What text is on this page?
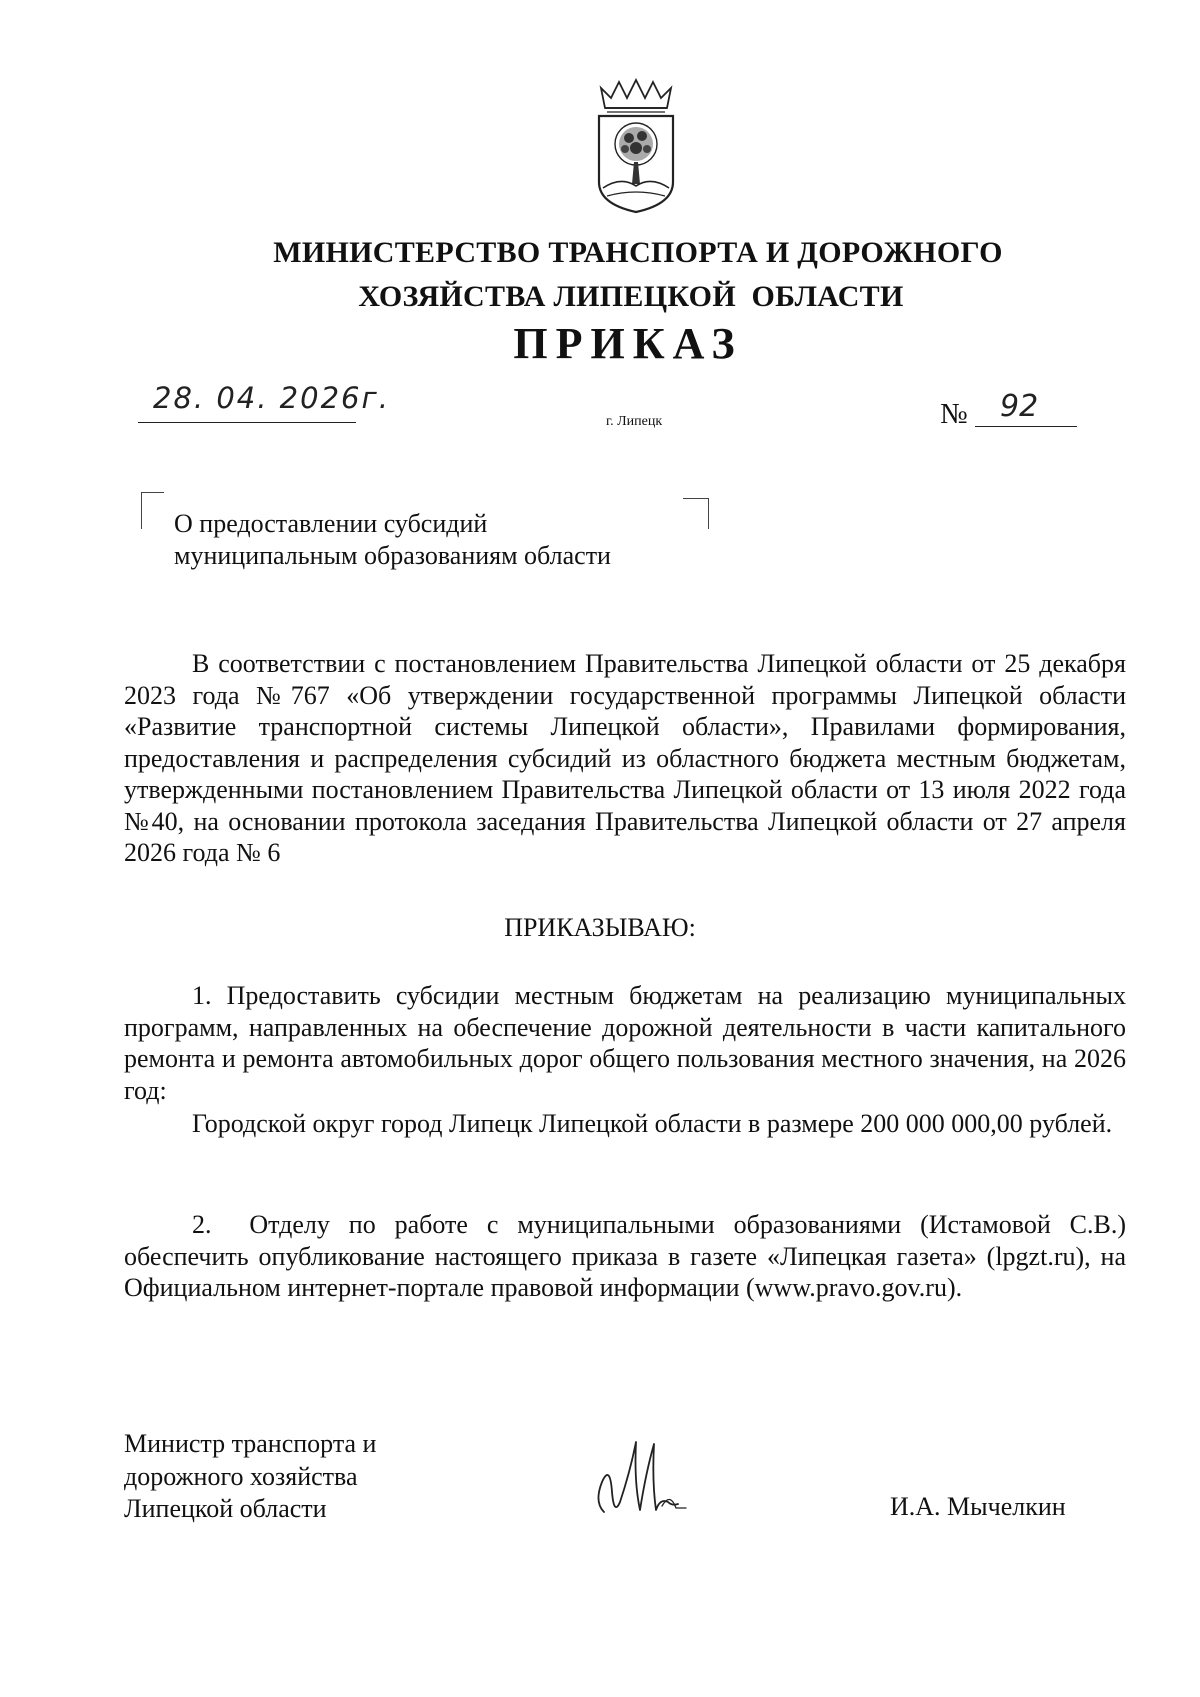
МИНИСТЕРСТВО ТРАНСПОРТА И ДОРОЖНОГО
ХОЗЯЙСТВА ЛИПЕЦКОЙ  ОБЛАСТИ
ПРИКАЗ
28. 04. 2026г.
г. Липецк	№ 92
О предоставлении субсидий
муниципальным образованиям области
В соответствии с постановлением Правительства Липецкой области от 25 декабря 2023 года №767 «Об утверждении государственной программы Липецкой области «Развитие транспортной системы Липецкой области», Правилами формирования, предоставления и распределения субсидий из областного бюджета местным бюджетам, утвержденными постановлением Правительства Липецкой области от 13 июля 2022 года №40, на основании протокола заседания Правительства Липецкой области от 27 апреля 2026 года № 6
ПРИКАЗЫВАЮ:
1. Предоставить субсидии местным бюджетам на реализацию муниципальных программ, направленных на обеспечение дорожной деятельности в части капитального ремонта и ремонта автомобильных дорог общего пользования местного значения, на 2026 год:
Городской округ город Липецк Липецкой области в размере 200 000 000,00 рублей.
2.  Отделу по работе с муниципальными образованиями (Истамовой С.В.) обеспечить опубликование настоящего приказа в газете «Липецкая газета» (lpgzt.ru), на Официальном интернет-портале правовой информации (www.pravo.gov.ru).
Министр транспорта и
дорожного хозяйства
Липецкой области	И.А. Мычелкин
